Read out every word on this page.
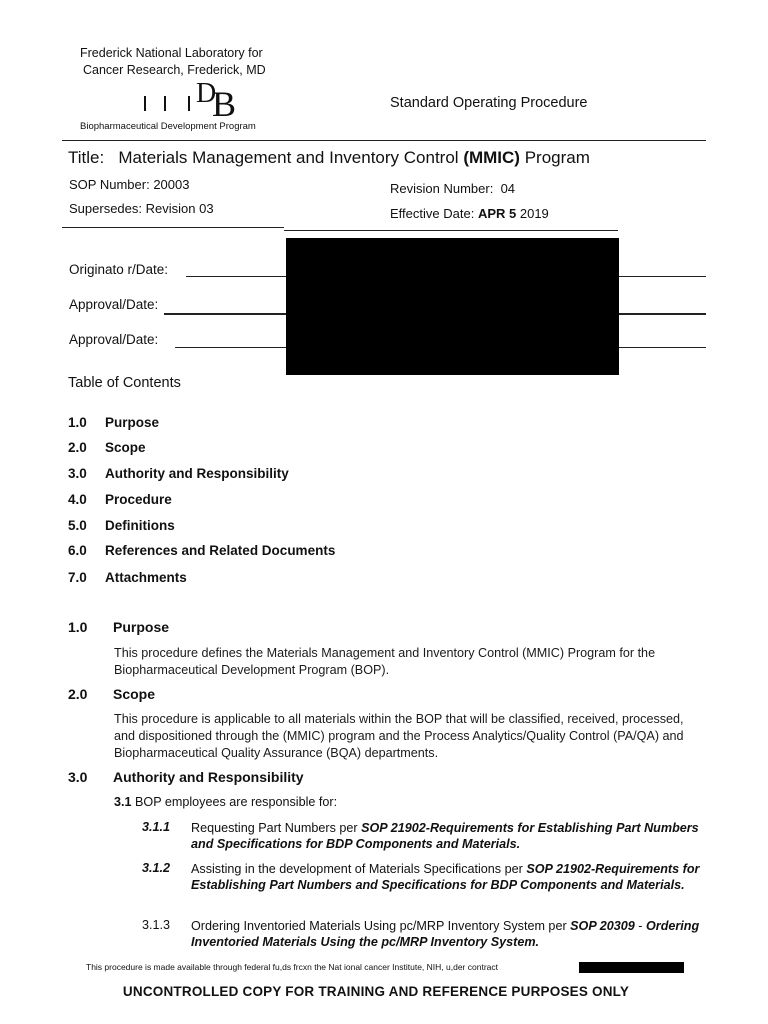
Frederick National Laboratory for
Cancer Research, Frederick, MD
D
B
Biopharmaceutical Development Program
Standard Operating Procedure
Title: Materials Management and Inventory Control (MMIC) Program
SOP Number: 20003
Supersedes: Revision 03
Revision Number: 04
Effective Date: APR 5 2019
Originato r/Date:
Approval/Date:
Approval/Date:
Table of Contents
1.0 Purpose
2.0 Scope
3.0 Authority and Responsibility
4.0 Procedure
5.0 Definitions
6.0 References and Related Documents
7.0 Attachments
1.0 Purpose
This procedure defines the Materials Management and Inventory Control (MMIC) Program for the Biopharmaceutical Development Program (BOP).
2.0 Scope
This procedure is applicable to all materials within the BOP that will be classified, received, processed, and dispositioned through the (MMIC) program and the Process Analytics/Quality Control (PA/QA) and Biopharmaceutical Quality Assurance (BQA) departments.
3.0 Authority and Responsibility
3.1 BOP employees are responsible for:
3.1.1 Requesting Part Numbers per SOP 21902-Requirements for Establishing Part Numbers and Specifications for BDP Components and Materials.
3.1.2 Assisting in the development of Materials Specifications per SOP 21902-Requirements for Establishing Part Numbers and Specifications for BDP Components and Materials.
3.1.3 Ordering Inventoried Materials Using pc/MRP Inventory System per SOP 20309 - Ordering Inventoried Materials Using the pc/MRP Inventory System.
This procedure is made available through federal fu,ds frcxn the Nat ional cancer Institute, NIH, u,der contract
UNCONTROLLED COPY FOR TRAINING AND REFERENCE PURPOSES ONLY
